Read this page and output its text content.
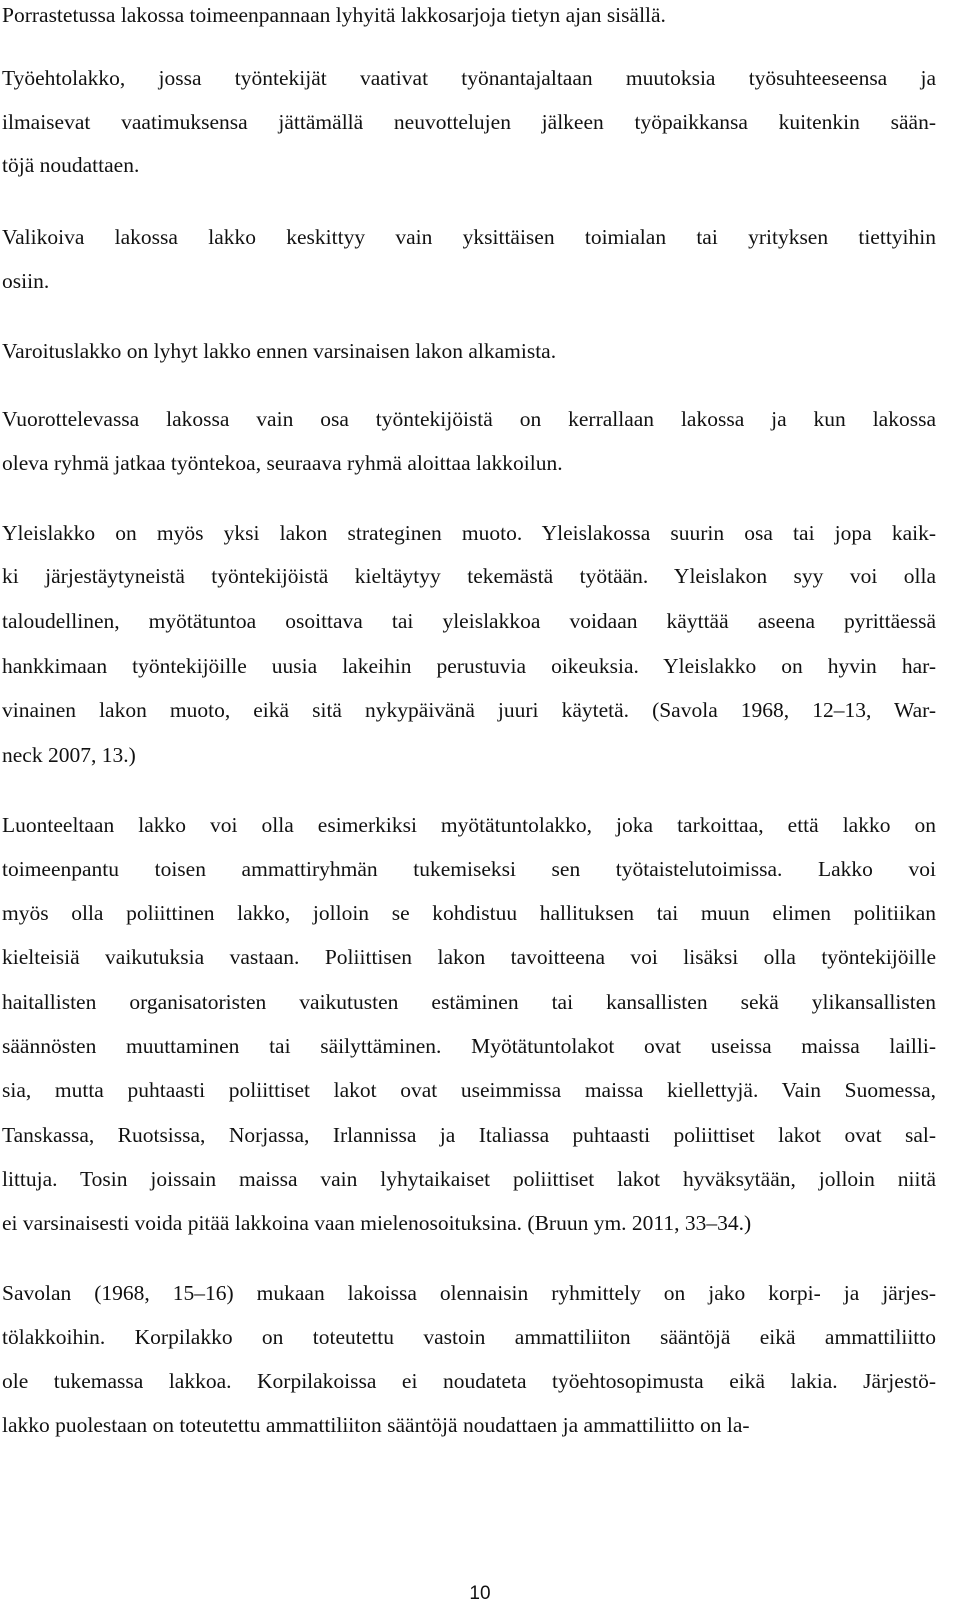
Porrastetussa lakossa toimeenpannaan lyhyitä lakkosarjoja tietyn ajan sisällä.
Työehtolakko, jossa työntekijät vaativat työnantajaltaan muutoksia työsuhteeseensa ja
ilmaisevat vaatimuksensa jättämällä neuvottelujen jälkeen työpaikkansa kuitenkin sään-
töjä noudattaen.
Valikoiva lakossa lakko keskittyy vain yksittäisen toimialan tai yrityksen tiettyihin
osiin.
Varoituslakko on lyhyt lakko ennen varsinaisen lakon alkamista.
Vuorottelevassa lakossa vain osa työntekijöistä on kerrallaan lakossa ja kun lakossa
oleva ryhmä jatkaa työntekoa, seuraava ryhmä aloittaa lakkoilun.
Yleislakko on myös yksi lakon strateginen muoto. Yleislakossa suurin osa tai jopa kaik-
ki järjestäytyneistä työntekijöistä kieltäytyy tekemästä työtään. Yleislakon syy voi olla
taloudellinen, myötätuntoa osoittava tai yleislakkoa voidaan käyttää aseena pyrittäessä
hankkimaan työntekijöille uusia lakeihin perustuvia oikeuksia. Yleislakko on hyvin har-
vinainen lakon muoto, eikä sitä nykypäivänä juuri käytetä. (Savola 1968, 12–13, War-
neck 2007, 13.)
Luonteeltaan lakko voi olla esimerkiksi myötätuntolakko, joka tarkoittaa, että lakko on
toimeenpantu toisen ammattiryhmän tukemiseksi sen työtaistelutoimissa. Lakko voi
myös olla poliittinen lakko, jolloin se kohdistuu hallituksen tai muun elimen politiikan
kielteisiä vaikutuksia vastaan. Poliittisen lakon tavoitteena voi lisäksi olla työntekijöille
haitallisten organisatoristen vaikutusten estäminen tai kansallisten sekä ylikansallisten
säännösten muuttaminen tai säilyttäminen. Myötätuntolakot ovat useissa maissa lailli-
sia, mutta puhtaasti poliittiset lakot ovat useimmissa maissa kiellettyjä. Vain Suomessa,
Tanskassa, Ruotsissa, Norjassa, Irlannissa ja Italiassa puhtaasti poliittiset lakot ovat sal-
littuja. Tosin joissain maissa vain lyhytaikaiset poliittiset lakot hyväksytään, jolloin niitä
ei varsinaisesti voida pitää lakkoina vaan mielenosoituksina. (Bruun ym. 2011, 33–34.)
Savolan (1968, 15–16) mukaan lakoissa olennaisin ryhmittely on jako korpi- ja järjes-
tölakkoihin. Korpilakko on toteutettu vastoin ammattiliiton sääntöjä eikä ammattiliitto
ole tukemassa lakkoa. Korpilakoissa ei noudateta työehtosopimusta eikä lakia. Järjestö-
lakko puolestaan on toteutettu ammattiliiton sääntöjä noudattaen ja ammattiliitto on la-
10
